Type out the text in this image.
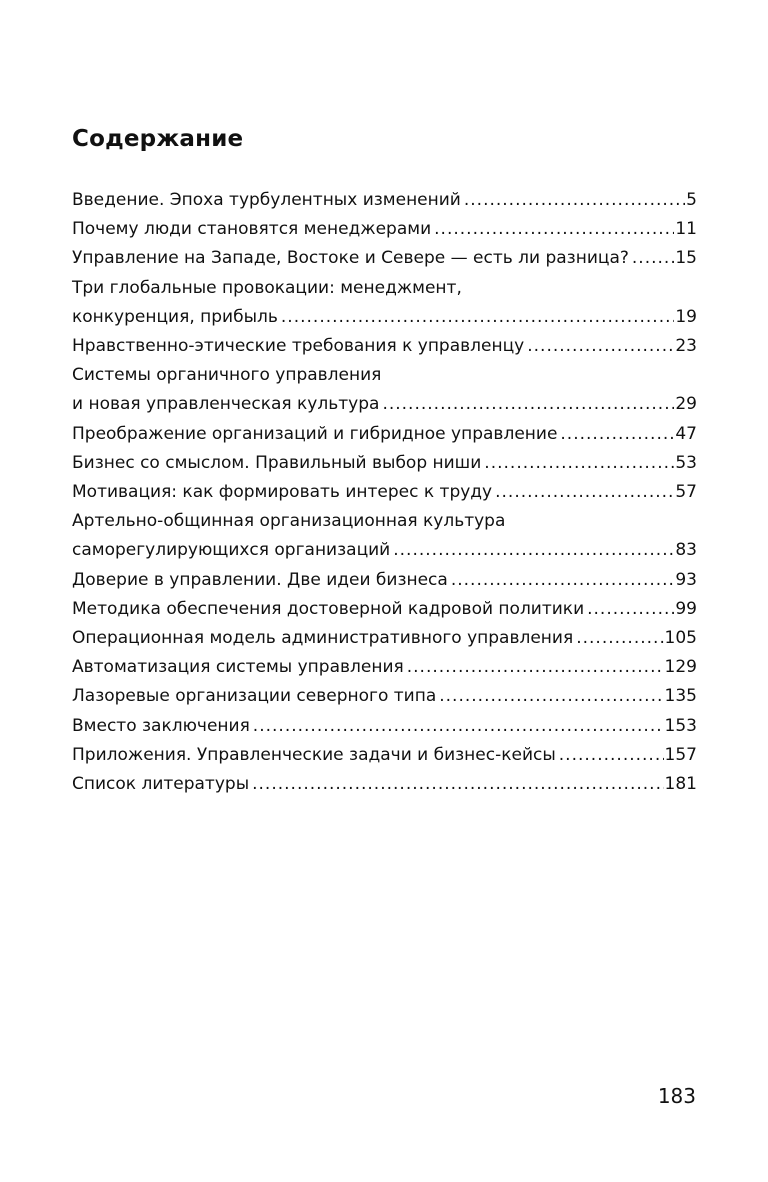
Содержание
Введение. Эпоха турбулентных изменений .....	5
Почему люди становятся менеджерами .....	11
Управление на Западе, Востоке и Севере — есть ли разница? .....	15
Три глобальные провокации: менеджмент,
конкуренция, прибыль .....	19
Нравственно-этические требования к управленцу .....	23
Системы органичного управления
и новая управленческая культура .....	29
Преображение организаций и гибридное управление .....	47
Бизнес со смыслом. Правильный выбор ниши .....	53
Мотивация: как формировать интерес к труду .....	57
Артельно-общинная организационная культура
саморегулирующихся организаций .....	83
Доверие в управлении. Две идеи бизнеса .....	93
Методика обеспечения достоверной кадровой политики .....	99
Операционная модель административного управления .....	105
Автоматизация системы управления .....	129
Лазоревые организации северного типа .....	135
Вместо заключения .....	153
Приложения. Управленческие задачи и бизнес-кейсы .....	157
Список литературы .....	181

183
